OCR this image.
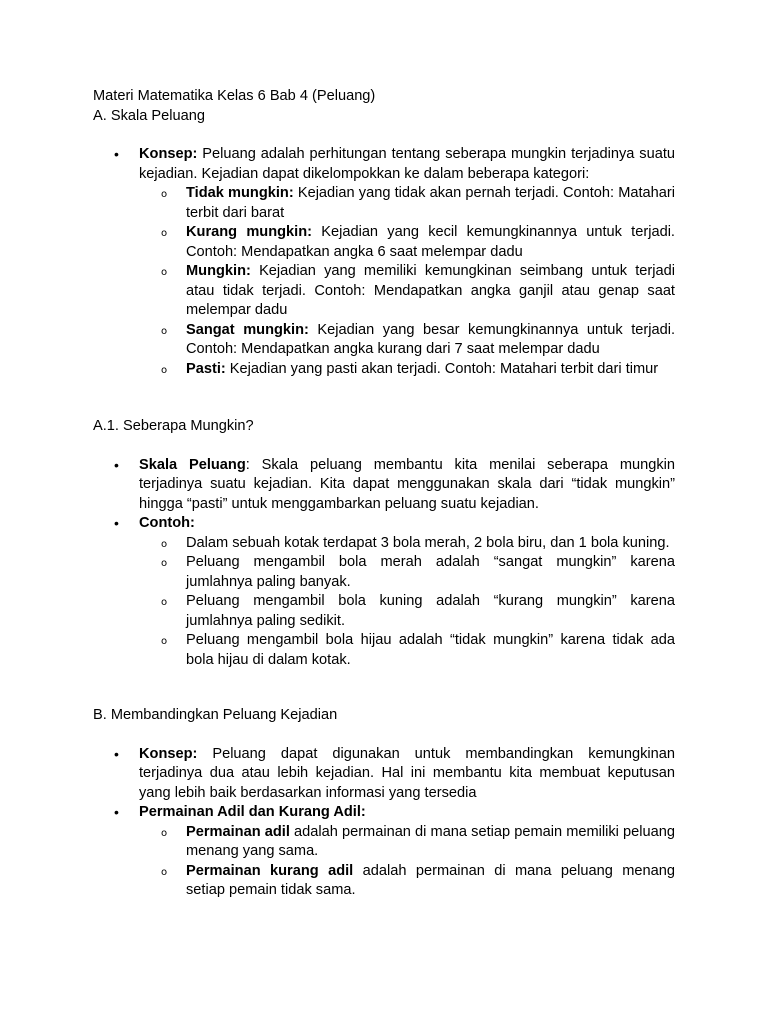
Materi Matematika Kelas 6 Bab 4 (Peluang)

A. Skala Peluang

• Konsep: Peluang adalah perhitungan tentang seberapa mungkin terjadinya suatu kejadian. Kejadian dapat dikelompokkan ke dalam beberapa kategori:
o Tidak mungkin: Kejadian yang tidak akan pernah terjadi. Contoh: Matahari terbit dari barat
o Kurang mungkin: Kejadian yang kecil kemungkinannya untuk terjadi. Contoh: Mendapatkan angka 6 saat melempar dadu
o Mungkin: Kejadian yang memiliki kemungkinan seimbang untuk terjadi atau tidak terjadi. Contoh: Mendapatkan angka ganjil atau genap saat melempar dadu
o Sangat mungkin: Kejadian yang besar kemungkinannya untuk terjadi. Contoh: Mendapatkan angka kurang dari 7 saat melempar dadu
o Pasti: Kejadian yang pasti akan terjadi. Contoh: Matahari terbit dari timur

A.1. Seberapa Mungkin?

• Skala Peluang: Skala peluang membantu kita menilai seberapa mungkin terjadinya suatu kejadian. Kita dapat menggunakan skala dari “tidak mungkin” hingga “pasti” untuk menggambarkan peluang suatu kejadian.
• Contoh:
o Dalam sebuah kotak terdapat 3 bola merah, 2 bola biru, dan 1 bola kuning.
o Peluang mengambil bola merah adalah “sangat mungkin” karena jumlahnya paling banyak.
o Peluang mengambil bola kuning adalah “kurang mungkin” karena jumlahnya paling sedikit.
o Peluang mengambil bola hijau adalah “tidak mungkin” karena tidak ada bola hijau di dalam kotak.

B. Membandingkan Peluang Kejadian

• Konsep: Peluang dapat digunakan untuk membandingkan kemungkinan terjadinya dua atau lebih kejadian. Hal ini membantu kita membuat keputusan yang lebih baik berdasarkan informasi yang tersedia
• Permainan Adil dan Kurang Adil:
o Permainan adil adalah permainan di mana setiap pemain memiliki peluang menang yang sama.
o Permainan kurang adil adalah permainan di mana peluang menang setiap pemain tidak sama.
